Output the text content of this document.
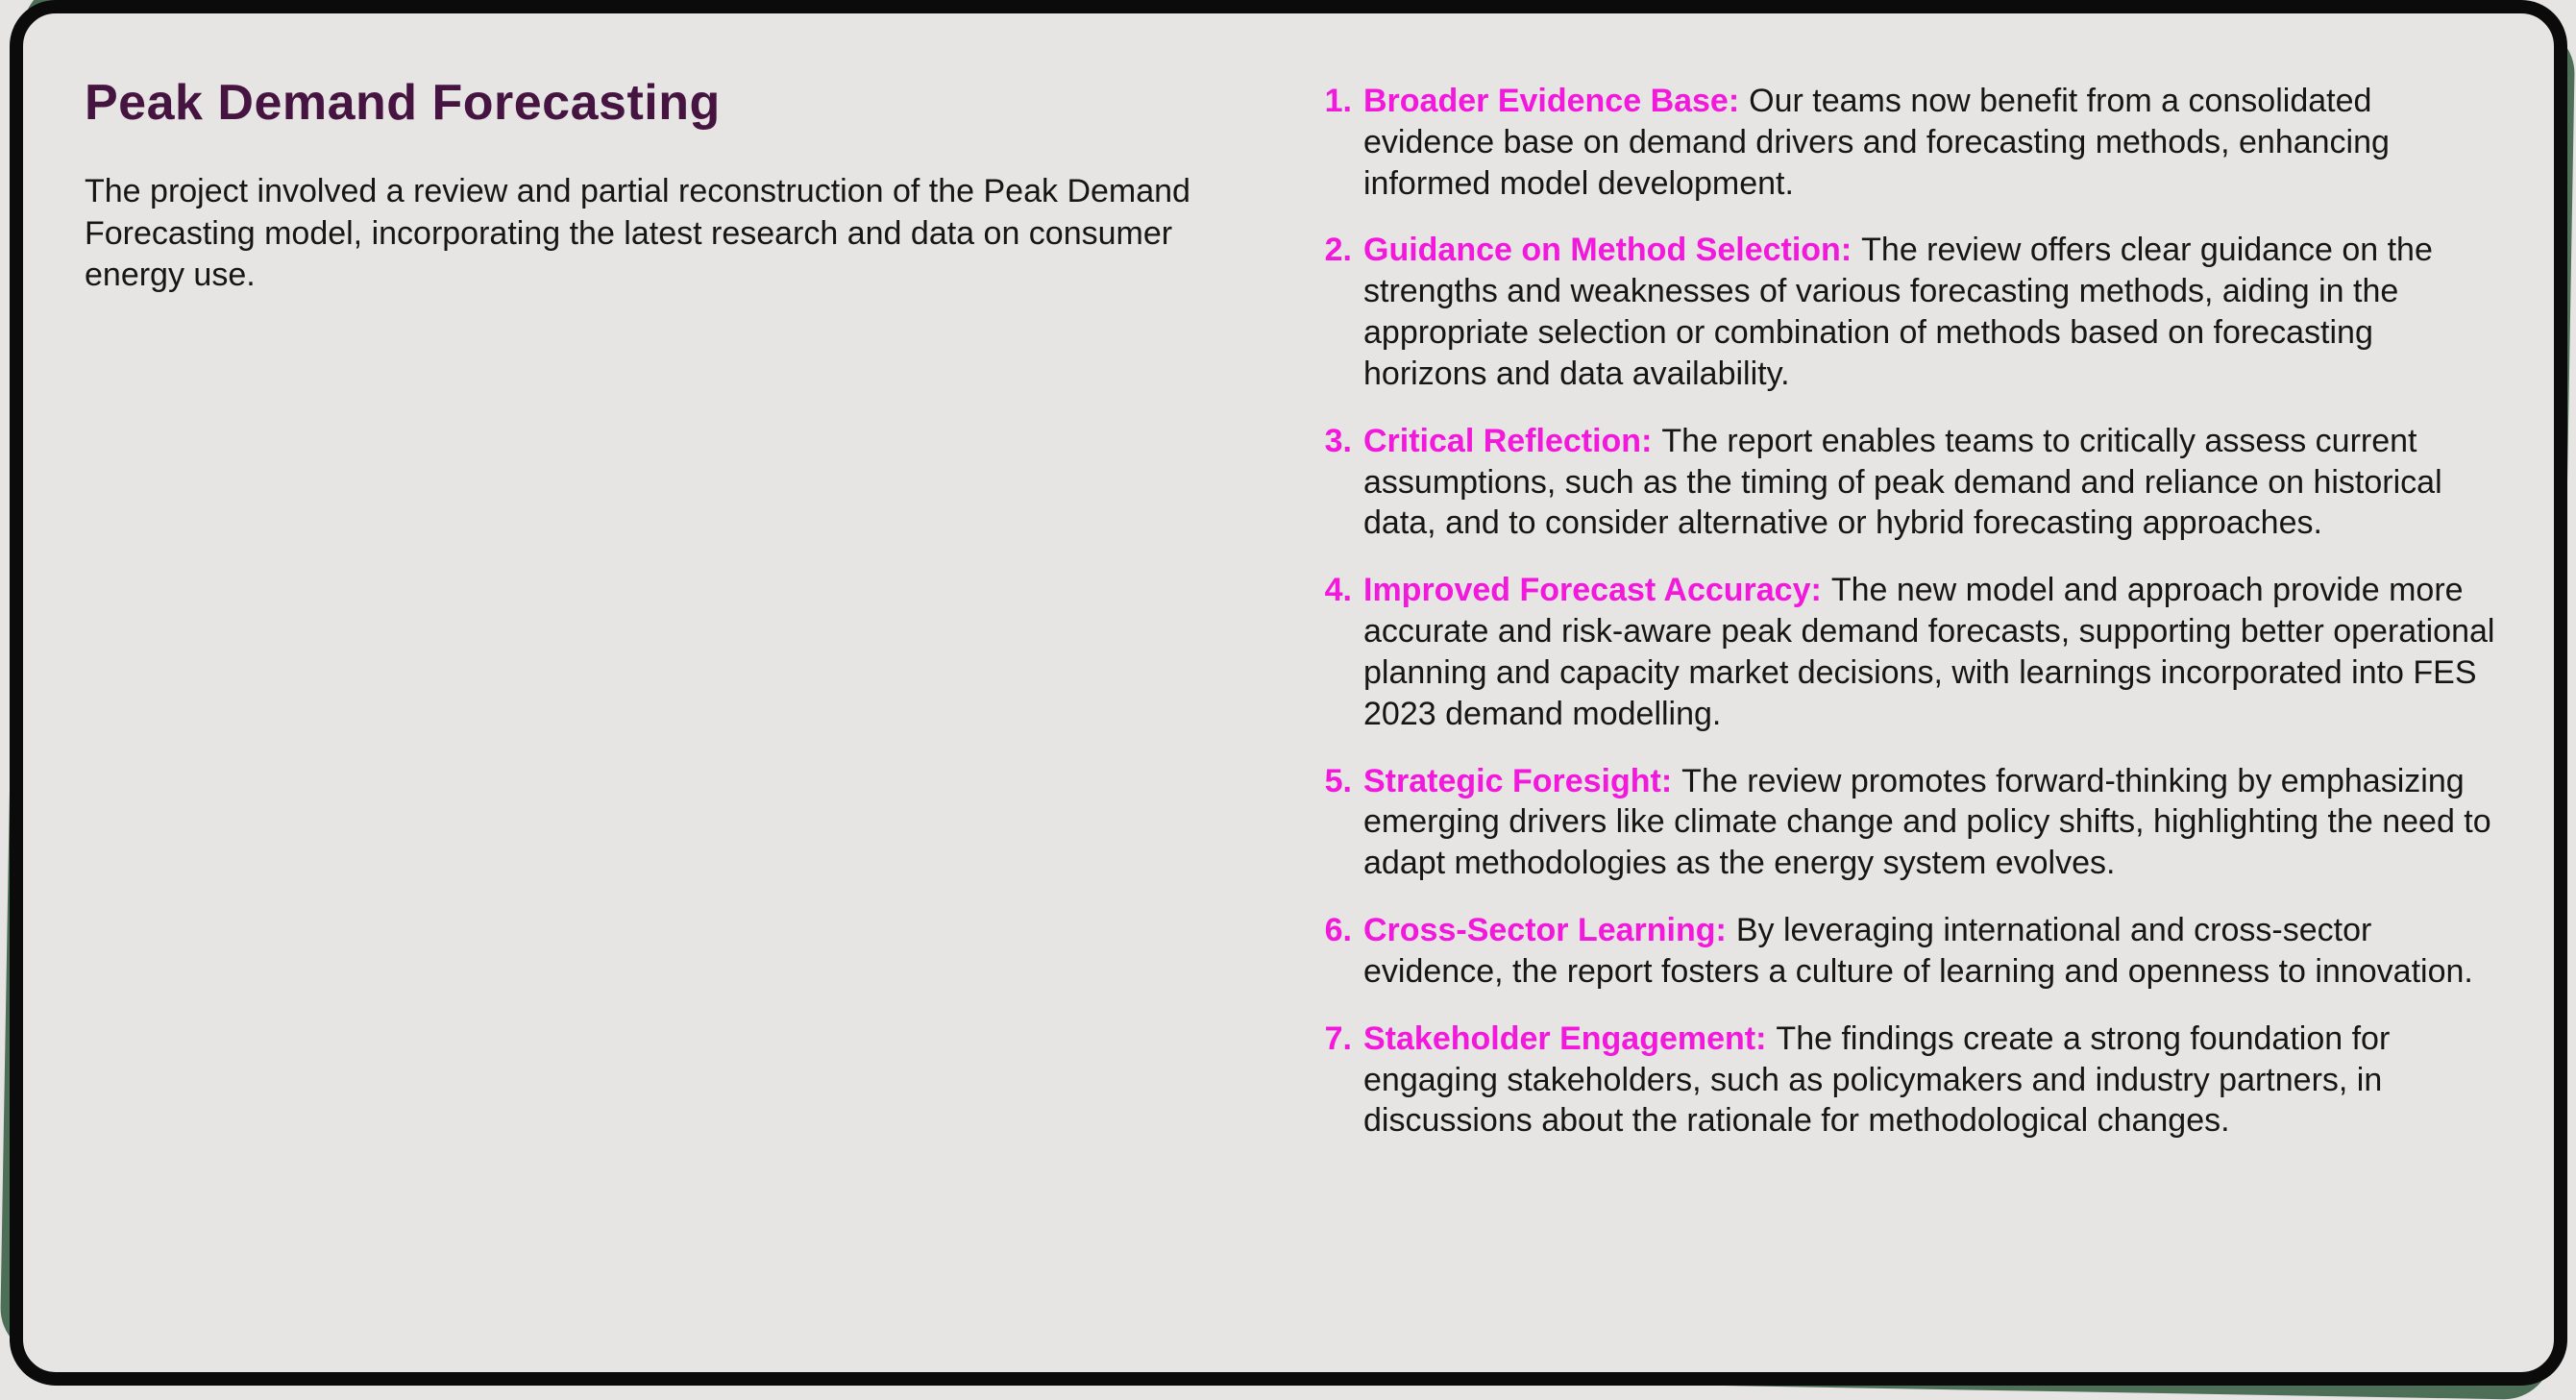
Peak Demand Forecasting

The project involved a review and partial reconstruction of the Peak Demand Forecasting model, incorporating the latest research and data on consumer energy use.

1. Broader Evidence Base: Our teams now benefit from a consolidated evidence base on demand drivers and forecasting methods, enhancing informed model development.

2. Guidance on Method Selection: The review offers clear guidance on the strengths and weaknesses of various forecasting methods, aiding in the appropriate selection or combination of methods based on forecasting horizons and data availability.

3. Critical Reflection: The report enables teams to critically assess current assumptions, such as the timing of peak demand and reliance on historical data, and to consider alternative or hybrid forecasting approaches.

4. Improved Forecast Accuracy: The new model and approach provide more accurate and risk-aware peak demand forecasts, supporting better operational planning and capacity market decisions, with learnings incorporated into FES 2023 demand modelling.

5. Strategic Foresight: The review promotes forward-thinking by emphasizing emerging drivers like climate change and policy shifts, highlighting the need to adapt methodologies as the energy system evolves.

6. Cross-Sector Learning: By leveraging international and cross-sector evidence, the report fosters a culture of learning and openness to innovation.

7. Stakeholder Engagement: The findings create a strong foundation for engaging stakeholders, such as policymakers and industry partners, in discussions about the rationale for methodological changes.
